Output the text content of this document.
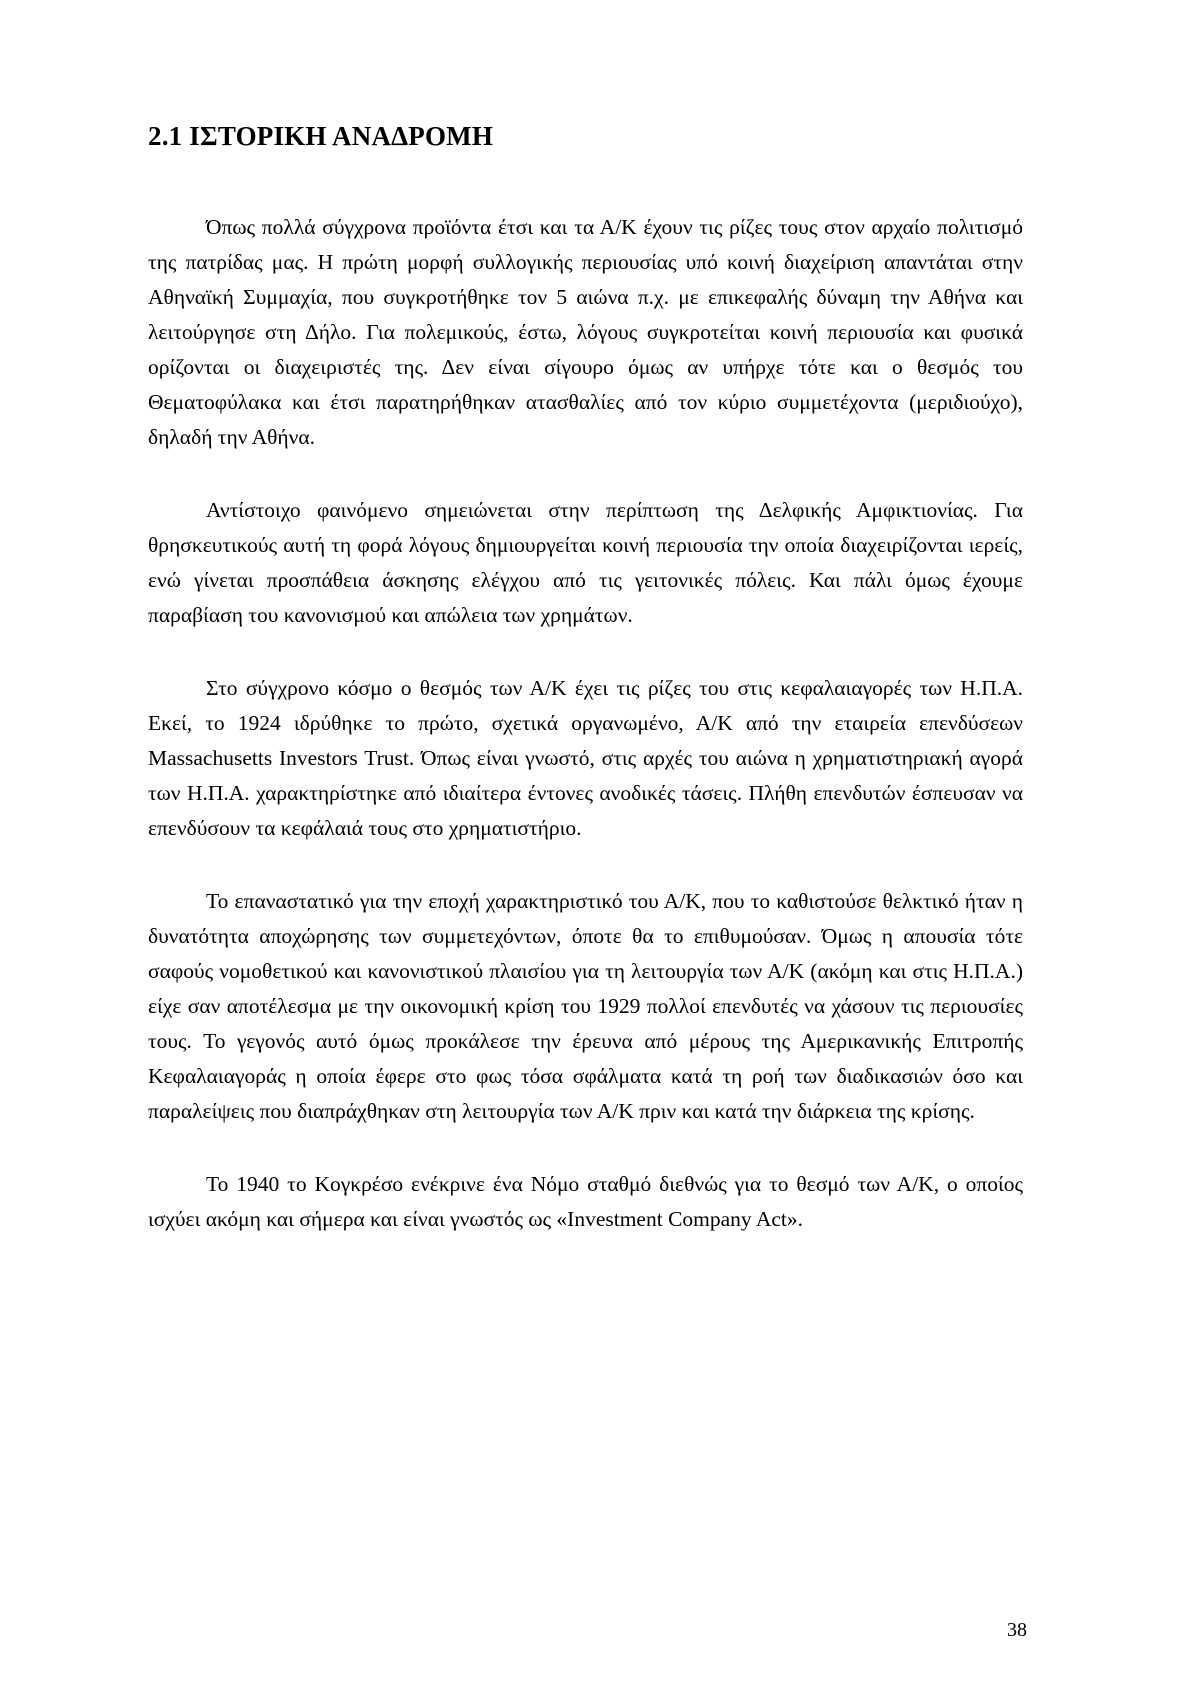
2.1 ΙΣΤΟΡΙΚΗ ΑΝΑΔΡΟΜΗ

Όπως πολλά σύγχρονα προϊόντα έτσι και τα Α/Κ έχουν τις ρίζες τους στον αρχαίο πολιτισμό της πατρίδας μας. Η πρώτη μορφή συλλογικής περιουσίας υπό κοινή διαχείριση απαντάται στην Αθηναϊκή Συμμαχία, που συγκροτήθηκε τον 5 αιώνα π.χ. με επικεφαλής δύναμη την Αθήνα και λειτούργησε στη Δήλο. Για πολεμικούς, έστω, λόγους συγκροτείται κοινή περιουσία και φυσικά ορίζονται οι διαχειριστές της. Δεν είναι σίγουρο όμως αν υπήρχε τότε και ο θεσμός του Θεματοφύλακα και έτσι παρατηρήθηκαν ατασθαλίες από τον κύριο συμμετέχοντα (μεριδιούχο), δηλαδή την Αθήνα.

Αντίστοιχο φαινόμενο σημειώνεται στην περίπτωση της Δελφικής Αμφικτιονίας. Για θρησκευτικούς αυτή τη φορά λόγους δημιουργείται κοινή περιουσία την οποία διαχειρίζονται ιερείς, ενώ γίνεται προσπάθεια άσκησης ελέγχου από τις γειτονικές πόλεις. Και πάλι όμως έχουμε παραβίαση του κανονισμού και απώλεια των χρημάτων.

Στο σύγχρονο κόσμο ο θεσμός των Α/Κ έχει τις ρίζες του στις κεφαλαιαγορές των Η.Π.Α. Εκεί, το 1924 ιδρύθηκε το πρώτο, σχετικά οργανωμένο, Α/Κ από την εταιρεία επενδύσεων Massachusetts Investors Trust. Όπως είναι γνωστό, στις αρχές του αιώνα η χρηματιστηριακή αγορά των Η.Π.Α. χαρακτηρίστηκε από ιδιαίτερα έντονες ανοδικές τάσεις. Πλήθη επενδυτών έσπευσαν να επενδύσουν τα κεφάλαιά τους στο χρηματιστήριο.

Το επαναστατικό για την εποχή χαρακτηριστικό του Α/Κ, που το καθιστούσε θελκτικό ήταν η δυνατότητα αποχώρησης των συμμετεχόντων, όποτε θα το επιθυμούσαν. Όμως η απουσία τότε σαφούς νομοθετικού και κανονιστικού πλαισίου για τη λειτουργία των Α/Κ (ακόμη και στις Η.Π.Α.) είχε σαν αποτέλεσμα με την οικονομική κρίση του 1929 πολλοί επενδυτές να χάσουν τις περιουσίες τους. Το γεγονός αυτό όμως προκάλεσε την έρευνα από μέρους της Αμερικανικής Επιτροπής Κεφαλαιαγοράς η οποία έφερε στο φως τόσα σφάλματα κατά τη ροή των διαδικασιών όσο και παραλείψεις που διαπράχθηκαν στη λειτουργία των Α/Κ πριν και κατά την διάρκεια της κρίσης.

Το 1940 το Κογκρέσο ενέκρινε ένα Νόμο σταθμό διεθνώς για το θεσμό των Α/Κ, ο οποίος ισχύει ακόμη και σήμερα και είναι γνωστός ως «Investment Company Act».

38
